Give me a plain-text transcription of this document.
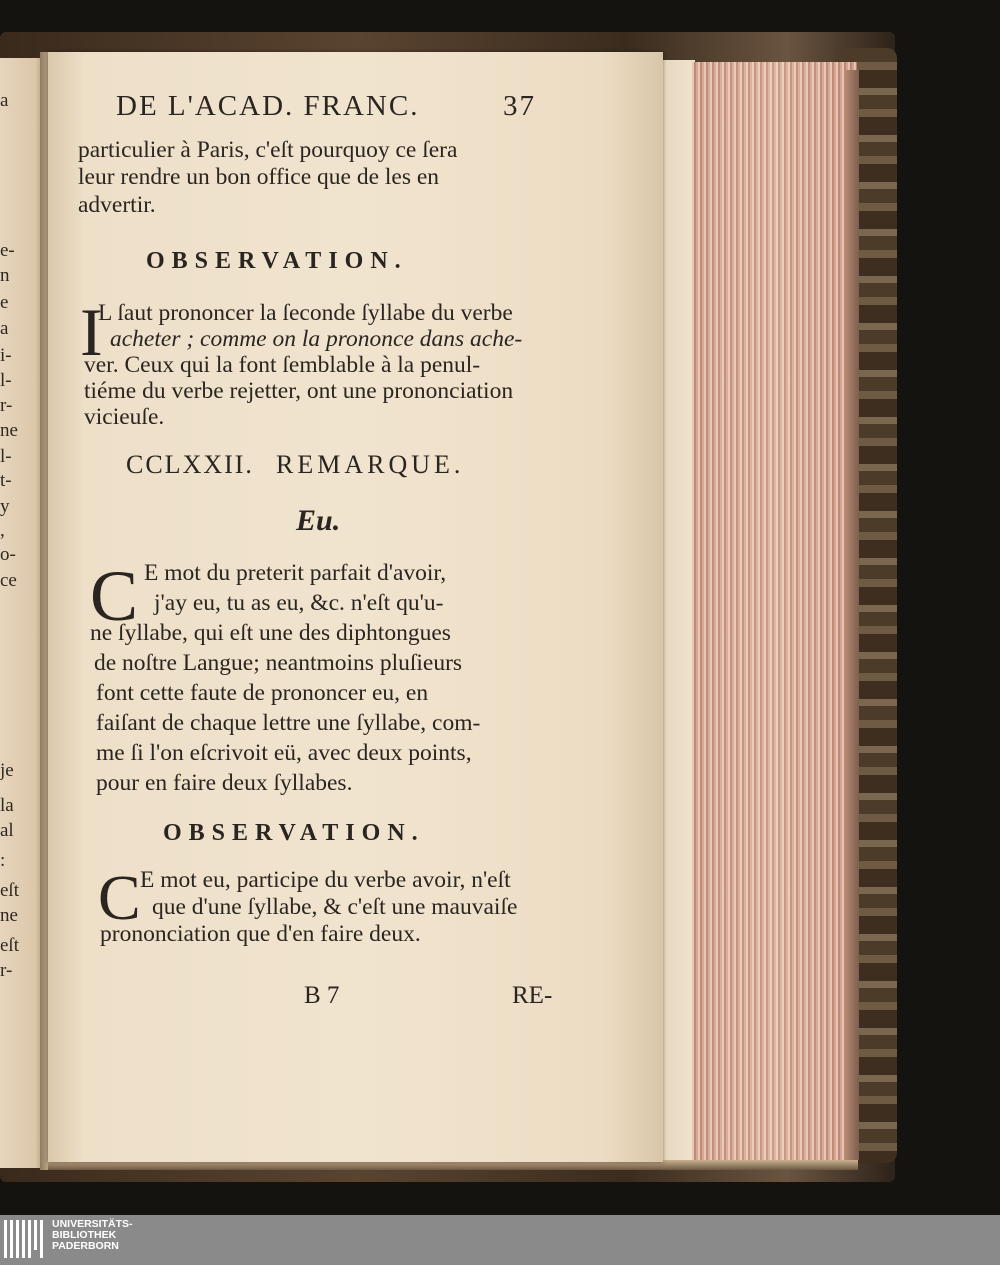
a
e-
n
e
a
i-
l-
r-
ne
l-
t-
y
,
o-
ce
je
la
al
:
eſt
ne
eſt
r-
DE L'ACAD. FRANC.	37
particulier à Paris, c'eſt pourquoy ce ſera
leur rendre un bon office que de les en
advertir.
OBSERVATION.
I
L ſaut prononcer la ſeconde ſyllabe du verbe
acheter ; comme on la prononce dans ache-
ver. Ceux qui la font ſemblable à la penul-
tiéme du verbe rejetter, ont une prononciation
vicieuſe.
CCLXXII. REMARQUE.
Eu.
C E mot du preterit parfait d'avoir,
j'ay eu, tu as eu, &c. n'eſt qu'u-
ne ſyllabe, qui eſt une des diphtongues
de noſtre Langue; neantmoins pluſieurs
font cette faute de prononcer eu, en
faiſant de chaque lettre une ſyllabe, com-
me ſi l'on eſcrivoit eü, avec deux points,
pour en faire deux ſyllabes.
OBSERVATION.
C E mot eu, participe du verbe avoir, n'eſt
que d'une ſyllabe, & c'eſt une mauvaiſe
prononciation que d'en faire deux.
B 7	RE-
UNIVERSITÄTS-
BIBLIOTHEK
PADERBORN
